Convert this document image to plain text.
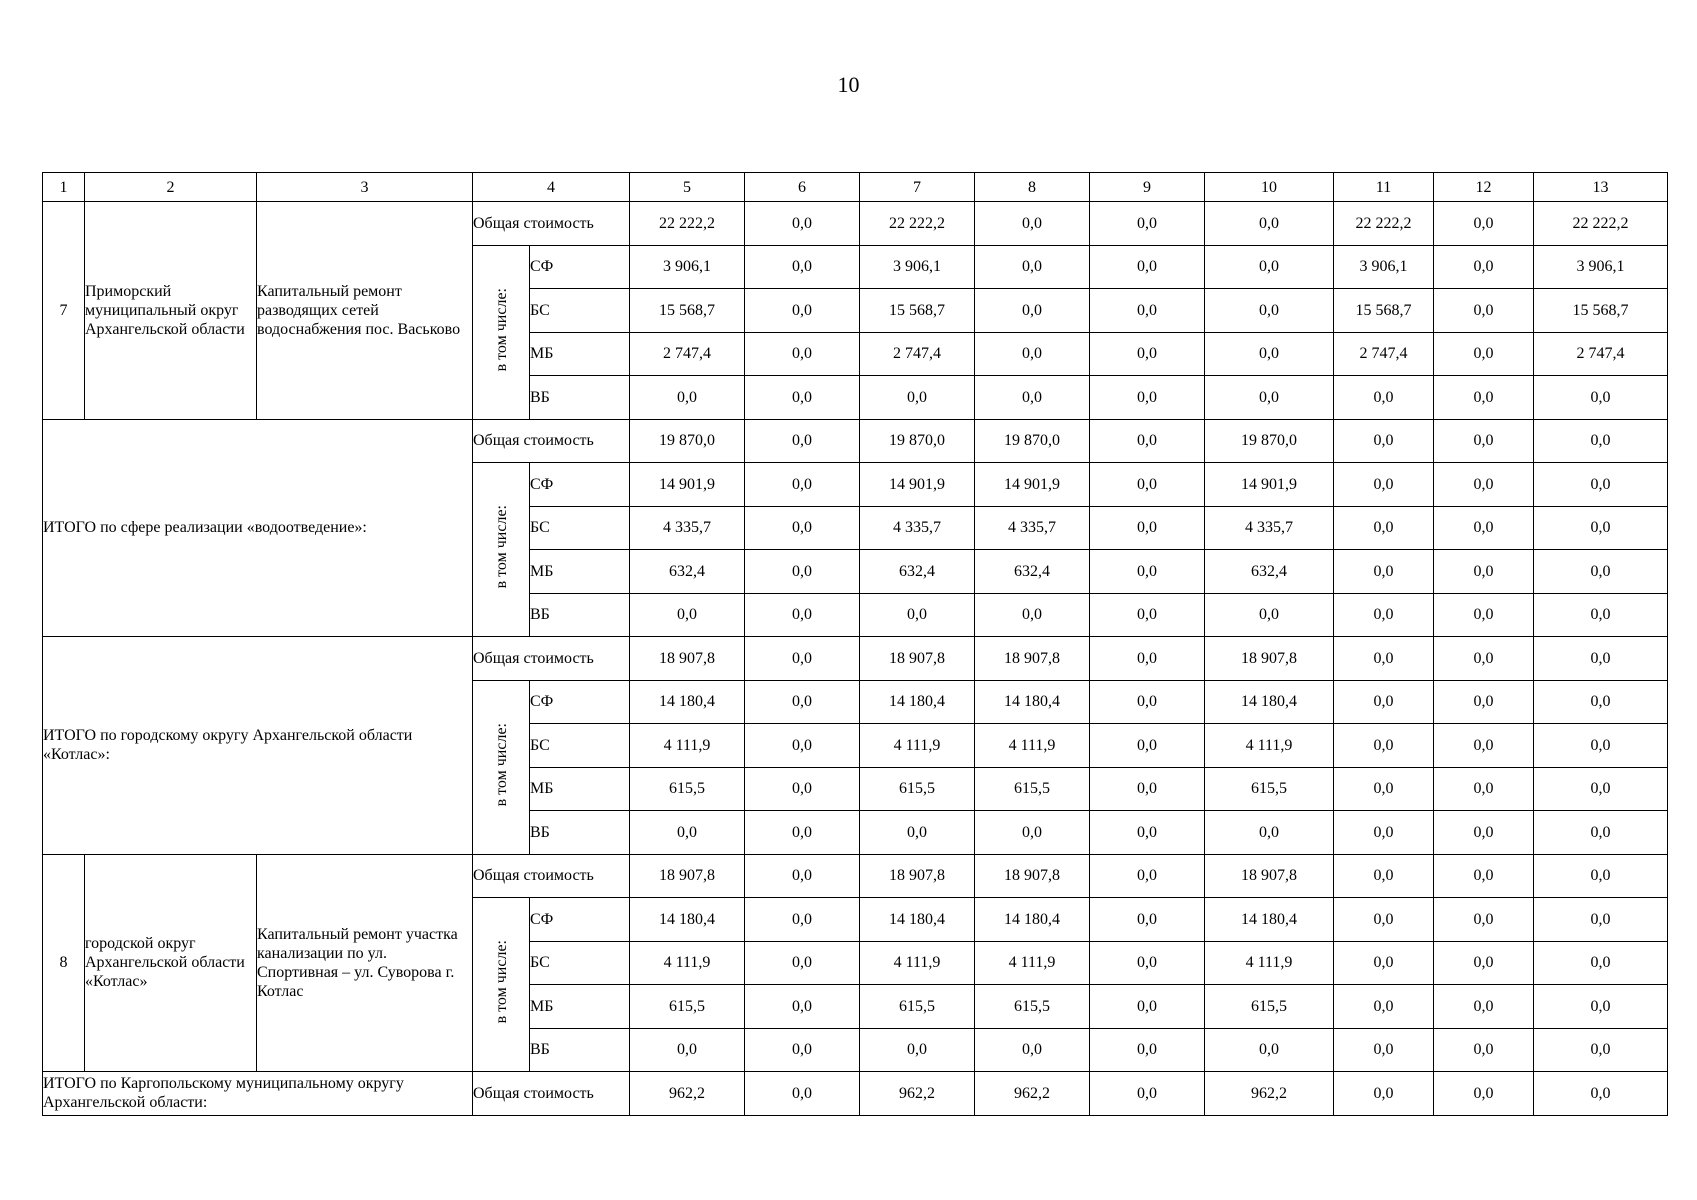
10
1	2	3	4		5	6	7	8	9	10	11	12	13
7	Приморский муниципальный округ Архангельской области	Капитальный ремонт разводящих сетей водоснабжения пос. Васьково	Общая стоимость		22 222,2	0,0	22 222,2	0,0	0,0	0,0	22 222,2	0,0	22 222,2
			в том числе:	СФ	3 906,1	0,0	3 906,1	0,0	0,0	0,0	3 906,1	0,0	3 906,1
				БС	15 568,7	0,0	15 568,7	0,0	0,0	0,0	15 568,7	0,0	15 568,7
				МБ	2 747,4	0,0	2 747,4	0,0	0,0	0,0	2 747,4	0,0	2 747,4
				ВБ	0,0	0,0	0,0	0,0	0,0	0,0	0,0	0,0	0,0
ИТОГО по сфере реализации «водоотведение»:			Общая стоимость		19 870,0	0,0	19 870,0	19 870,0	0,0	19 870,0	0,0	0,0	0,0
			в том числе:	СФ	14 901,9	0,0	14 901,9	14 901,9	0,0	14 901,9	0,0	0,0	0,0
				БС	4 335,7	0,0	4 335,7	4 335,7	0,0	4 335,7	0,0	0,0	0,0
				МБ	632,4	0,0	632,4	632,4	0,0	632,4	0,0	0,0	0,0
				ВБ	0,0	0,0	0,0	0,0	0,0	0,0	0,0	0,0	0,0
ИТОГО по городскому округу Архангельской области «Котлас»:			Общая стоимость		18 907,8	0,0	18 907,8	18 907,8	0,0	18 907,8	0,0	0,0	0,0
			в том числе:	СФ	14 180,4	0,0	14 180,4	14 180,4	0,0	14 180,4	0,0	0,0	0,0
				БС	4 111,9	0,0	4 111,9	4 111,9	0,0	4 111,9	0,0	0,0	0,0
				МБ	615,5	0,0	615,5	615,5	0,0	615,5	0,0	0,0	0,0
				ВБ	0,0	0,0	0,0	0,0	0,0	0,0	0,0	0,0	0,0
8	городской округ Архангельской области «Котлас»	Капитальный ремонт участка канализации по ул. Спортивная – ул. Суворова г. Котлас	Общая стоимость		18 907,8	0,0	18 907,8	18 907,8	0,0	18 907,8	0,0	0,0	0,0
			в том числе:	СФ	14 180,4	0,0	14 180,4	14 180,4	0,0	14 180,4	0,0	0,0	0,0
				БС	4 111,9	0,0	4 111,9	4 111,9	0,0	4 111,9	0,0	0,0	0,0
				МБ	615,5	0,0	615,5	615,5	0,0	615,5	0,0	0,0	0,0
				ВБ	0,0	0,0	0,0	0,0	0,0	0,0	0,0	0,0	0,0
ИТОГО по Каргопольскому муниципальному округу Архангельской области:			Общая стоимость		962,2	0,0	962,2	962,2	0,0	962,2	0,0	0,0	0,0
